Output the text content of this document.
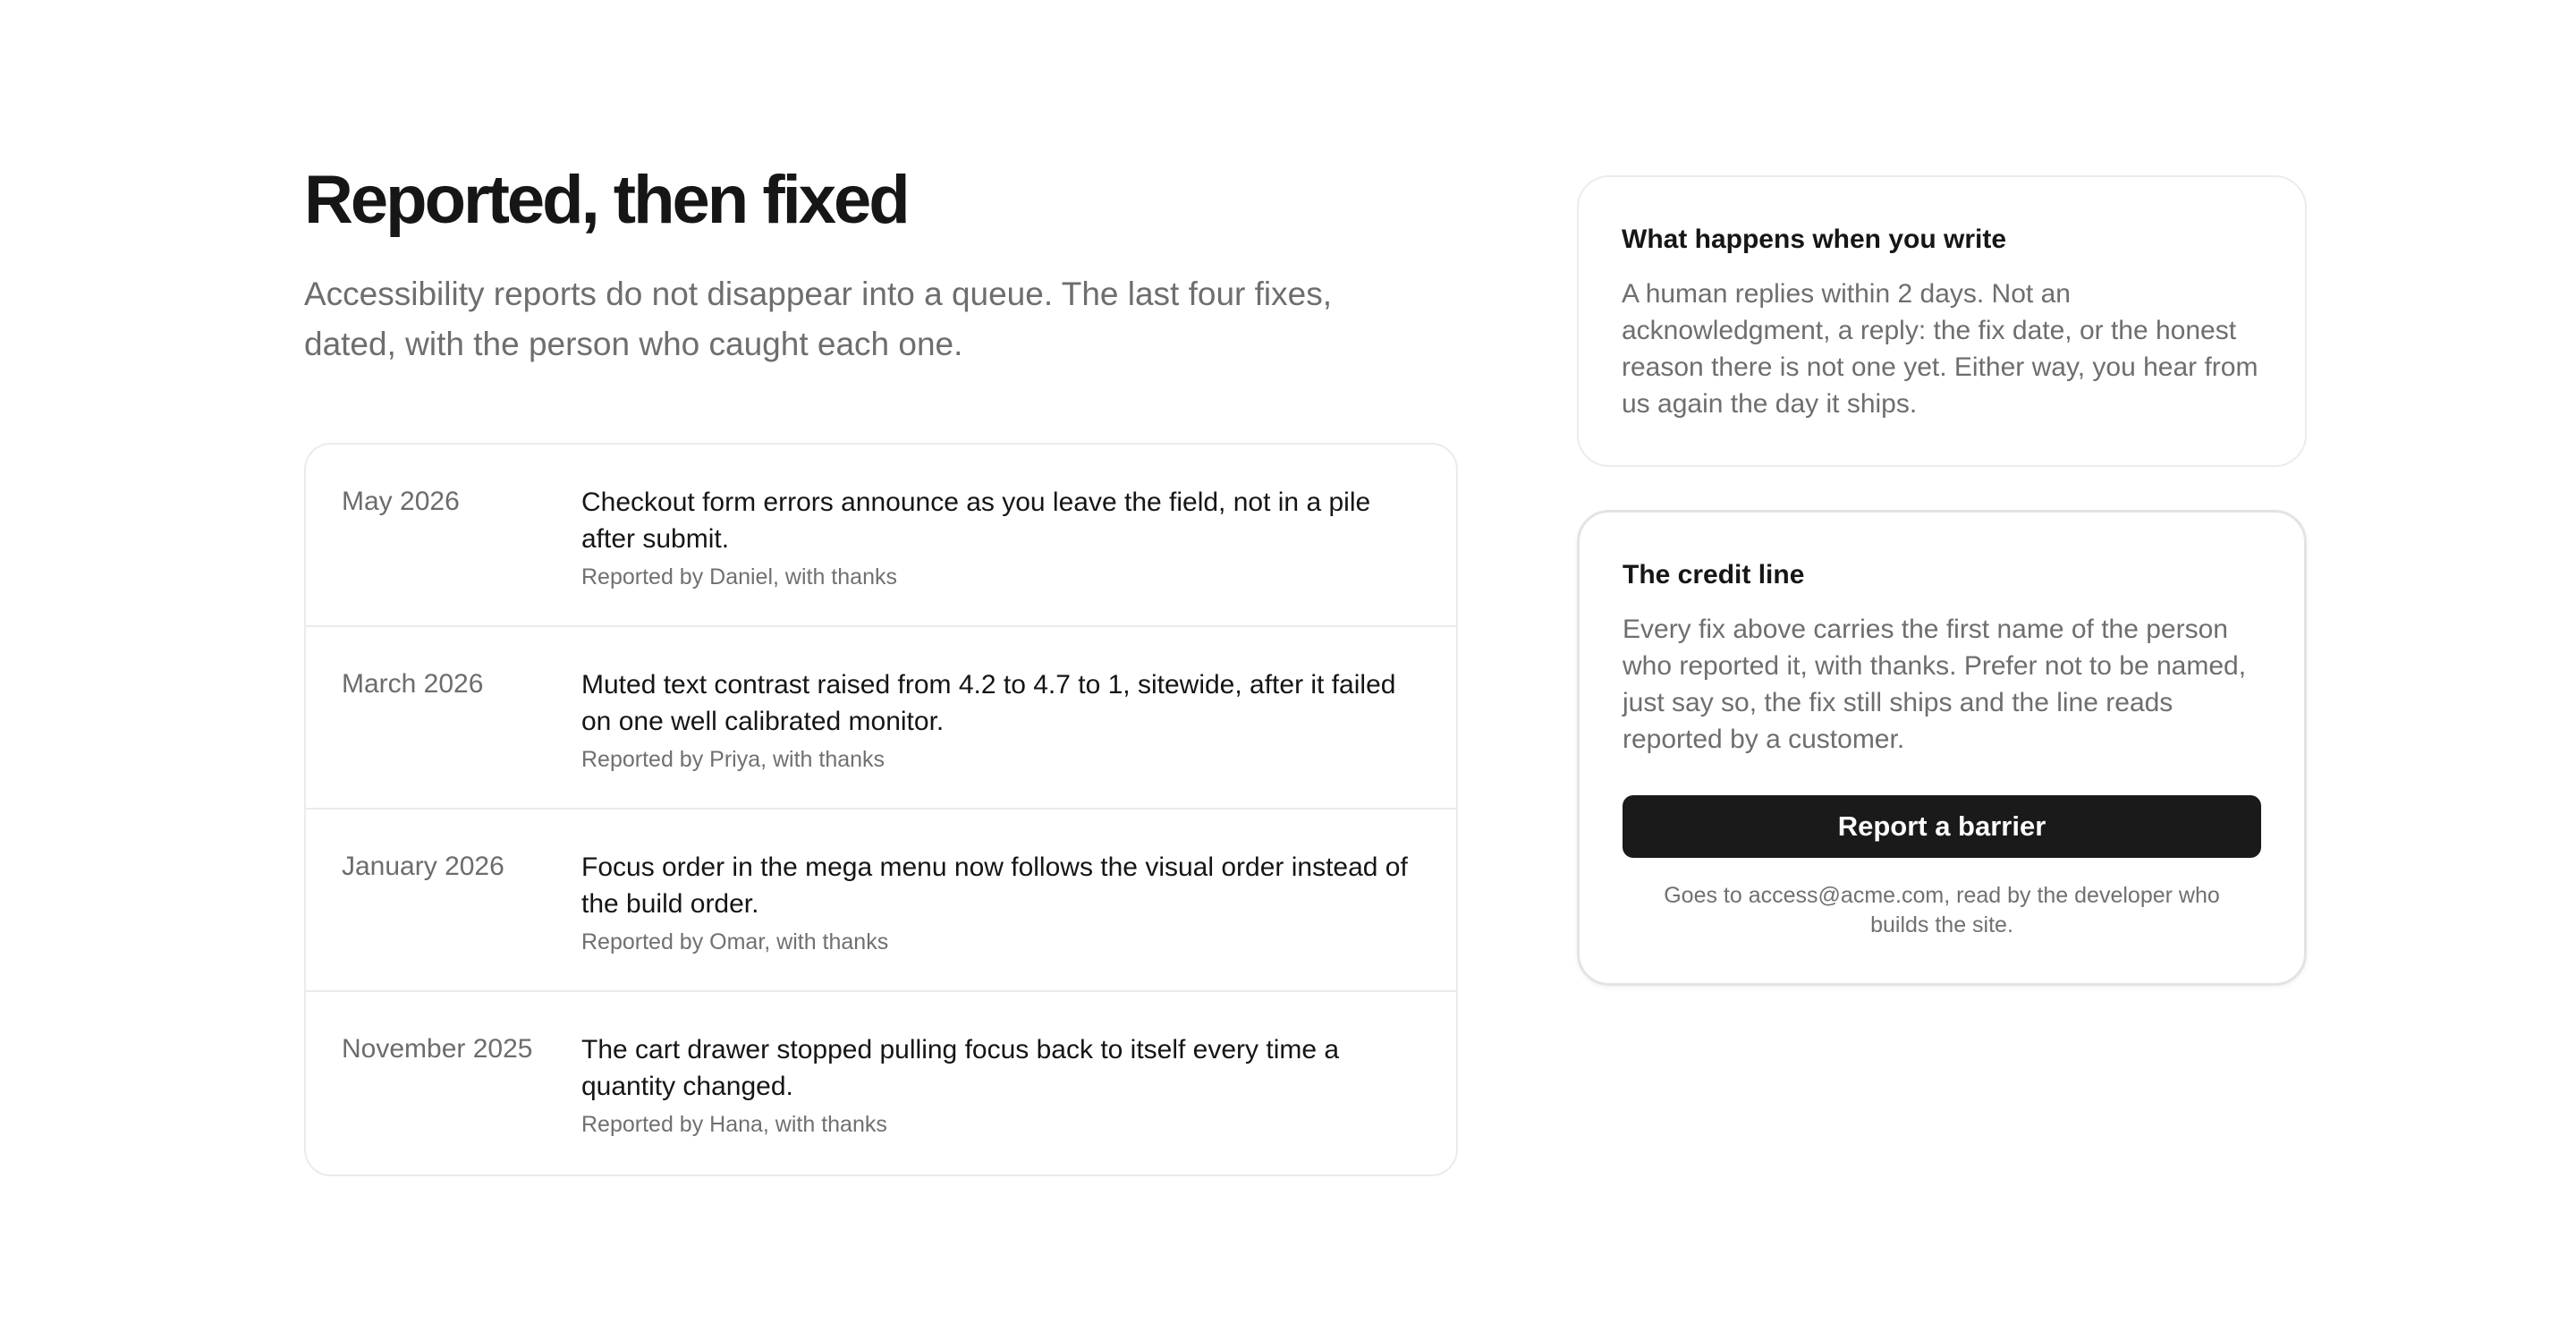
Reported, then fixed

Accessibility reports do not disappear into a queue. The last four fixes, dated, with the person who caught each one.

May 2026	Checkout form errors announce as you leave the field, not in a pile after submit.
Reported by Daniel, with thanks
March 2026	Muted text contrast raised from 4.2 to 4.7 to 1, sitewide, after it failed on one well calibrated monitor.
Reported by Priya, with thanks
January 2026	Focus order in the mega menu now follows the visual order instead of the build order.
Reported by Omar, with thanks
November 2025	The cart drawer stopped pulling focus back to itself every time a quantity changed.
Reported by Hana, with thanks
What happens when you write

A human replies within 2 days. Not an acknowledgment, a reply: the fix date, or the honest reason there is not one yet. Either way, you hear from us again the day it ships.

The credit line

Every fix above carries the first name of the person who reported it, with thanks. Prefer not to be named, just say so, the fix still ships and the line reads reported by a customer.

Report a barrier

Goes to access@acme.com, read by the developer who builds the site.
